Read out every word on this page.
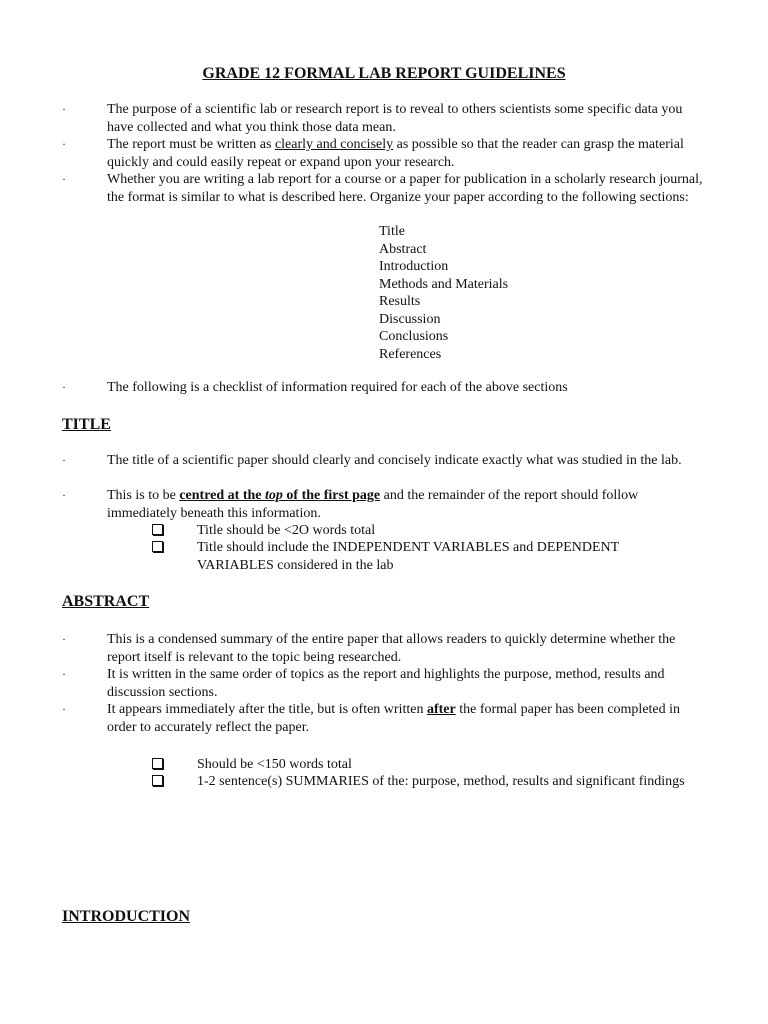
GRADE 12 FORMAL LAB REPORT GUIDELINES
·	The purpose of a scientific lab or research report is to reveal to others scientists some specific data you have collected and what you think those data mean.
·	The report must be written as clearly and concisely as possible so that the reader can grasp the material quickly and could easily repeat or expand upon your research.
·	Whether you are writing a lab report for a course or a paper for publication in a scholarly research journal, the format is similar to what is described here. Organize your paper according to the following sections:
Title
Abstract
Introduction
Methods and Materials
Results
Discussion
Conclusions
References
·	The following is a checklist of information required for each of the above sections
TITLE
·	The title of a scientific paper should clearly and concisely indicate exactly what was studied in the lab.
·	This is to be centred at the top of the first page and the remainder of the report should follow immediately beneath this information.
Title should be <2O words total
Title should include the INDEPENDENT VARIABLES and DEPENDENT VARIABLES considered in the lab
ABSTRACT
·	This is a condensed summary of the entire paper that allows readers to quickly determine whether the report itself is relevant to the topic being researched.
·	It is written in the same order of topics as the report and highlights the purpose, method, results and discussion sections.
·	It appears immediately after the title, but is often written after the formal paper has been completed in order to accurately reflect the paper.
Should be <150 words total
1-2 sentence(s) SUMMARIES of the: purpose, method, results and significant findings
INTRODUCTION
